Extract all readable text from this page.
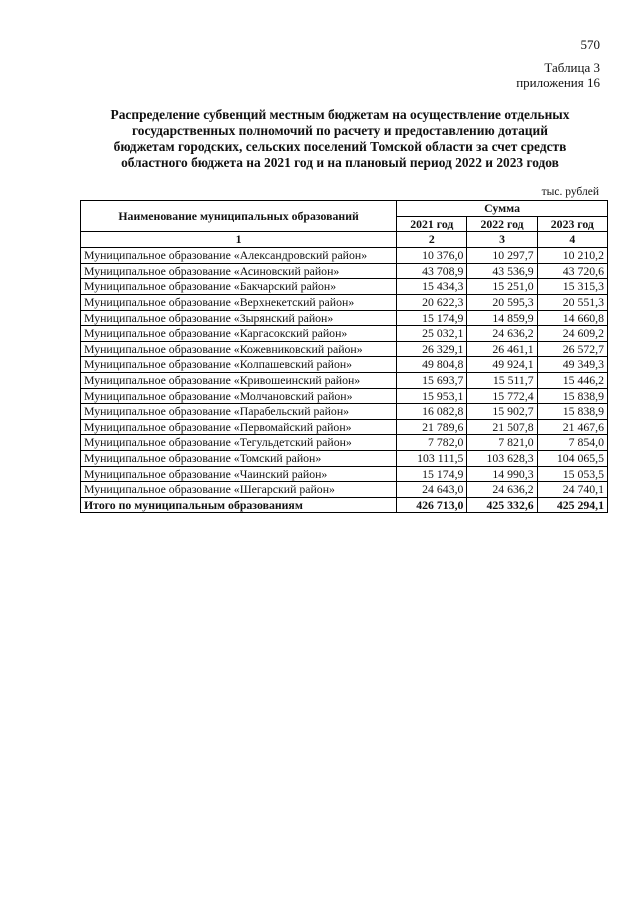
570
Таблица 3
приложения 16
Распределение субвенций местным бюджетам на осуществление отдельных
государственных полномочий по расчету и предоставлению дотаций
бюджетам городских, сельских поселений Томской области за счет средств
областного бюджета на 2021 год и на плановый период 2022 и 2023 годов
тыс. рублей
Наименование муниципальных образований	Сумма		
	2021 год	2022 год	2023 год
1	2	3	4
Муниципальное образование «Александровский район»	10 376,0	10 297,7	10 210,2
Муниципальное образование «Асиновский район»	43 708,9	43 536,9	43 720,6
Муниципальное образование «Бакчарский район»	15 434,3	15 251,0	15 315,3
Муниципальное образование «Верхнекетский район»	20 622,3	20 595,3	20 551,3
Муниципальное образование «Зырянский район»	15 174,9	14 859,9	14 660,8
Муниципальное образование «Каргасокский район»	25 032,1	24 636,2	24 609,2
Муниципальное образование «Кожевниковский район»	26 329,1	26 461,1	26 572,7
Муниципальное образование «Колпашевский район»	49 804,8	49 924,1	49 349,3
Муниципальное образование «Кривошеинский район»	15 693,7	15 511,7	15 446,2
Муниципальное образование «Молчановский район»	15 953,1	15 772,4	15 838,9
Муниципальное образование «Парабельский район»	16 082,8	15 902,7	15 838,9
Муниципальное образование «Первомайский район»	21 789,6	21 507,8	21 467,6
Муниципальное образование «Тегульдетский район»	7 782,0	7 821,0	7 854,0
Муниципальное образование «Томский район»	103 111,5	103 628,3	104 065,5
Муниципальное образование «Чаинский район»	15 174,9	14 990,3	15 053,5
Муниципальное образование «Шегарский район»	24 643,0	24 636,2	24 740,1
Итого по муниципальным образованиям	426 713,0	425 332,6	425 294,1
